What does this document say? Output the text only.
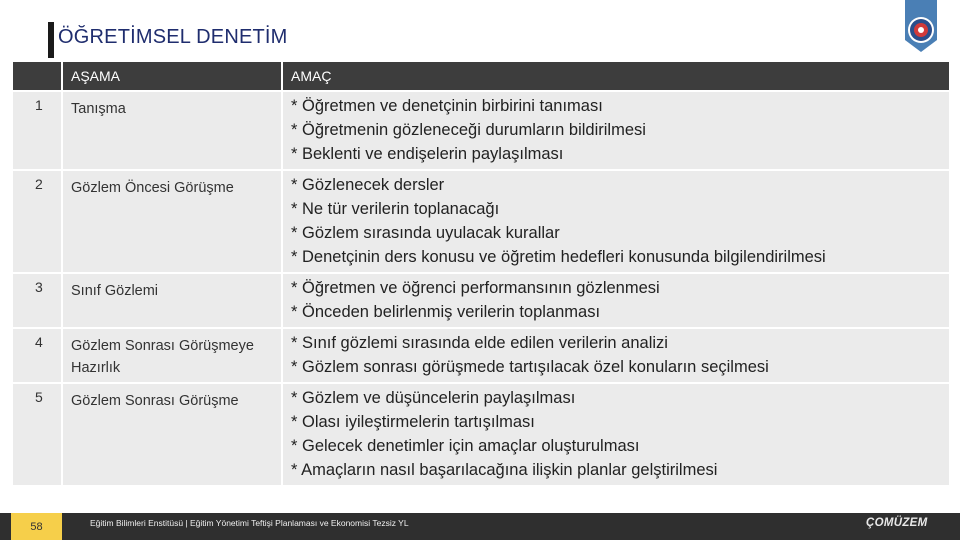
ÖĞRETİMSEL DENETİM
	AŞAMA	AMAÇ
1	Tanışma	* Öğretmen ve denetçinin birbirini tanıması
* Öğretmenin gözleneceği durumların bildirilmesi
* Beklenti ve endişelerin paylaşılması

2	Gözlem Öncesi Görüşme	* Gözlenecek dersler
* Ne tür verilerin toplanacağı
* Gözlem sırasında uyulacak kurallar
* Denetçinin ders konusu ve öğretim hedefleri konusunda bilgilendirilmesi

3	Sınıf Gözlemi	* Öğretmen ve öğrenci performansının gözlenmesi
* Önceden belirlenmiş verilerin toplanması

4	Gözlem Sonrası Görüşmeye Hazırlık	* Sınıf gözlemi sırasında elde edilen verilerin analizi
* Gözlem sonrası görüşmede tartışılacak özel konuların seçilmesi

5	Gözlem Sonrası Görüşme	* Gözlem ve düşüncelerin paylaşılması
* Olası iyileştirmelerin tartışılması
* Gelecek denetimler için amaçlar oluşturulması
* Amaçların nasıl başarılacağına ilişkin planlar gelştirilmesi
58	Eğitim Bilimleri Enstitüsü | Eğitim Yönetimi Teftişi Planlaması ve Ekonomisi Tezsiz YL	ÇOMÜZEM
